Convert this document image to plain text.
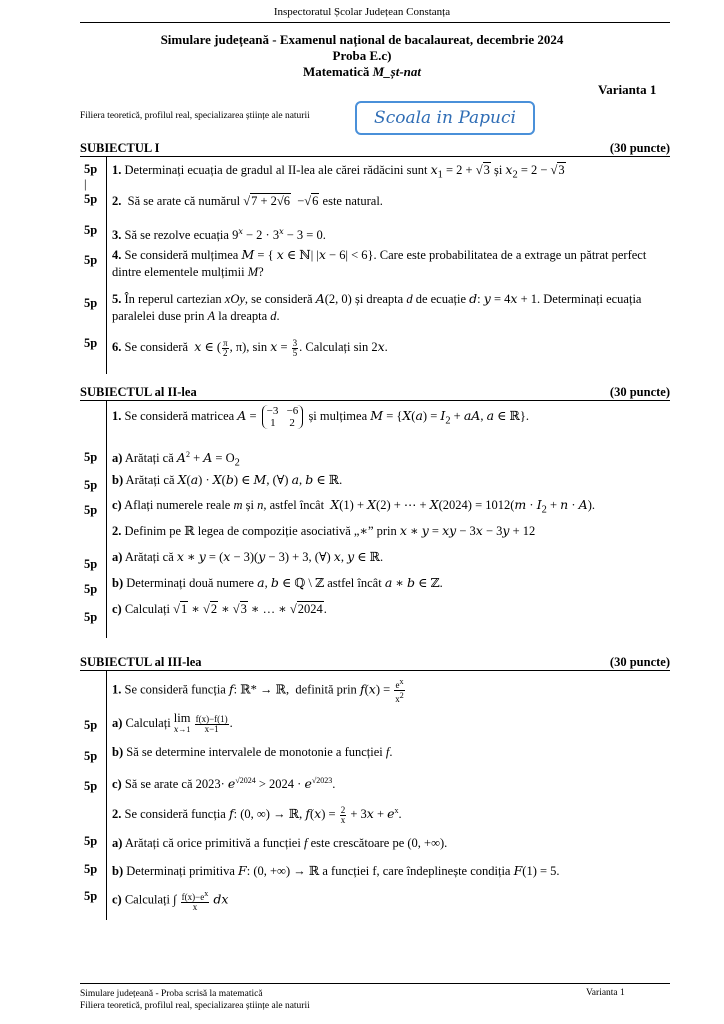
Inspectoratul Școlar Județean Constanța
Simulare județeană - Examenul național de bacalaureat, decembrie 2024
Proba E.c)
Matematică M_șt-nat
Varianta 1
Filiera teoretică, profilul real, specializarea științe ale naturii	Scoala in Papuci
SUBIECTUL I	(30 puncte)
5p
|
1. Determinați ecuația de gradul al II-lea ale cărei rădăcini sunt $x_1 = 2 + √3$ și $x_2 = 2 - √3$
5p 2.  Să se arate că numărul √7 + 2√6  −√6 este natural.
5p 3. Să se rezolve ecuația $9^x - 2 \cdot 3^x - 3 = 0$.
5p 4. Se consideră mulțimea M = { x ∈ ℕ| |x − 6| < 6}. Care este probabilitatea de a extrage un pătrat perfect dintre elementele mulțimii M?
5p 5. În reperul cartezian xOy, se consideră A(2, 0) și dreapta d de ecuație d: y = 4x + 1. Determinați ecuația paralelei duse prin A la dreapta d.
5p 6. Se consideră  x ∈ ( $\frac{\pi}{2}$ , π), $\sin x = \frac{3}{5}$ . Calculați sin 2x.
SUBIECTUL al II-lea	(30 puncte)
1. Se consideră matricea A = −3   −6
1     2 și mulțimea $M = \{X(a) = I_2$ + aA, a ∈ ℝ}.
5p a) Arătați că $A^2 + A = O_2$
5p b) Arătați că X(a) · X(b) ∈ M, (∀) a, b ∈ ℝ.
5p c) Aflați numerele reale m și n, astfel încât  X(1) + X(2) + ⋯ + $X(2024) = 1012(m \cdot I_2 + n \cdot A)$.
2. Definim pe ℝ legea de compoziție asociativă „∗” prin x ∗ y = xy − 3x − 3y + 12
5p a) Arătați că x ∗ y = (x − 3)(y − 3) + 3, (∀) x, y ∈ ℝ.
5p b) Determinați două numere a, b ∈ ℚ \ ℤ astfel încât a ∗ b ∈ ℤ.
5p
c) Calculați √1 ∗ √2 ∗ √3 ∗ … ∗ √2024.
SUBIECTUL al III-lea	(30 puncte)
1. Se consideră funcția f: ℝ* → ℝ,  definită prin $f(x) = \frac{e^x}{x^2}$
5p a) Calculați lim
$x\to 1 \frac{f(x)-f(1)}{x-1}$ .
5p b) Să se determine intervalele de monotonie a funcției f.
5p c) Să se arate că $2023\cdot e^{√2024} > 2024 \cdot e^{√2023}$.
2. Se consideră funcția f: (0, ∞) → ℝ, $f(x) = \frac{2}{x} + 3x + e^x$.
5p a) Arătați că orice primitivă a funcției f este crescătoare pe (0, +∞).
5p b) Determinați primitiva F: (0, +∞) → ℝ a funcției f, care îndeplinește condiția F(1) = 5.
5p c) Calculați ∫ $\frac{f(x)-e^x}{x}$ dx
Simulare județeană - Proba scrisă la matematică
Filiera teoretică, profilul real, specializarea științe ale naturii
Varianta 1
